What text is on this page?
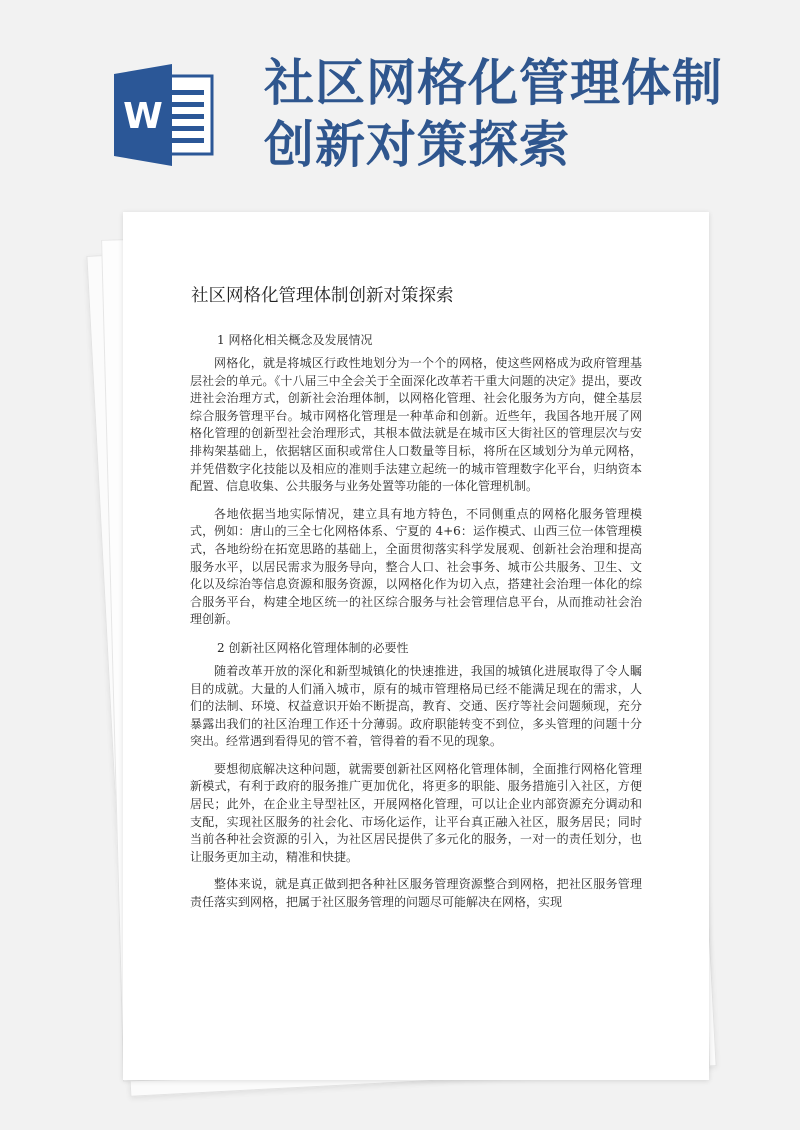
W
社区网格化管理体制创新对策探索
社区网格化管理体制创新对策探索
1 网格化相关概念及发展情况

网格化，就是将城区行政性地划分为一个个的网格，使这些网格成为政府管理基层社会的单元。《十八届三中全会关于全面深化改革若干重大问题的决定》提出，要改进社会治理方式，创新社会治理体制，以网格化管理、社会化服务为方向，健全基层综合服务管理平台。城市网格化管理是一种革命和创新。近些年，我国各地开展了网格化管理的创新型社会治理形式，其根本做法就是在城市区大街社区的管理层次与安排构架基础上，依据辖区面积或常住人口数量等目标，将所在区域划分为单元网格，并凭借数字化技能以及相应的准则手法建立起统一的城市管理数字化平台，归纳资本配置、信息收集、公共服务与业务处置等功能的一体化管理机制。

各地依据当地实际情况，建立具有地方特色，不同侧重点的网格化服务管理模式，例如：唐山的三全七化网格体系、宁夏的 4+6：运作模式、山西三位一体管理模式，各地纷纷在拓宽思路的基础上，全面贯彻落实科学发展观、创新社会治理和提高服务水平，以居民需求为服务导向，整合人口、社会事务、城市公共服务、卫生、文化以及综治等信息资源和服务资源，以网格化作为切入点，搭建社会治理一体化的综合服务平台，构建全地区统一的社区综合服务与社会管理信息平台，从而推动社会治理创新。

2 创新社区网格化管理体制的必要性

随着改革开放的深化和新型城镇化的快速推进，我国的城镇化进展取得了令人瞩目的成就。大量的人们涌入城市，原有的城市管理格局已经不能满足现在的需求，人们的法制、环境、权益意识开始不断提高，教育、交通、医疗等社会问题频现，充分暴露出我们的社区治理工作还十分薄弱。政府职能转变不到位，多头管理的问题十分突出。经常遇到看得见的管不着，管得着的看不见的现象。

要想彻底解决这种问题，就需要创新社区网格化管理体制，全面推行网格化管理新模式，有利于政府的服务推广更加优化，将更多的职能、服务措施引入社区，方便居民；此外，在企业主导型社区，开展网格化管理，可以让企业内部资源充分调动和支配，实现社区服务的社会化、市场化运作，让平台真正融入社区，服务居民；同时当前各种社会资源的引入，为社区居民提供了多元化的服务，一对一的责任划分，也让服务更加主动，精准和快捷。

整体来说，就是真正做到把各种社区服务管理资源整合到网格，把社区服务管理责任落实到网格，把属于社区服务管理的问题尽可能解决在网格，实现
